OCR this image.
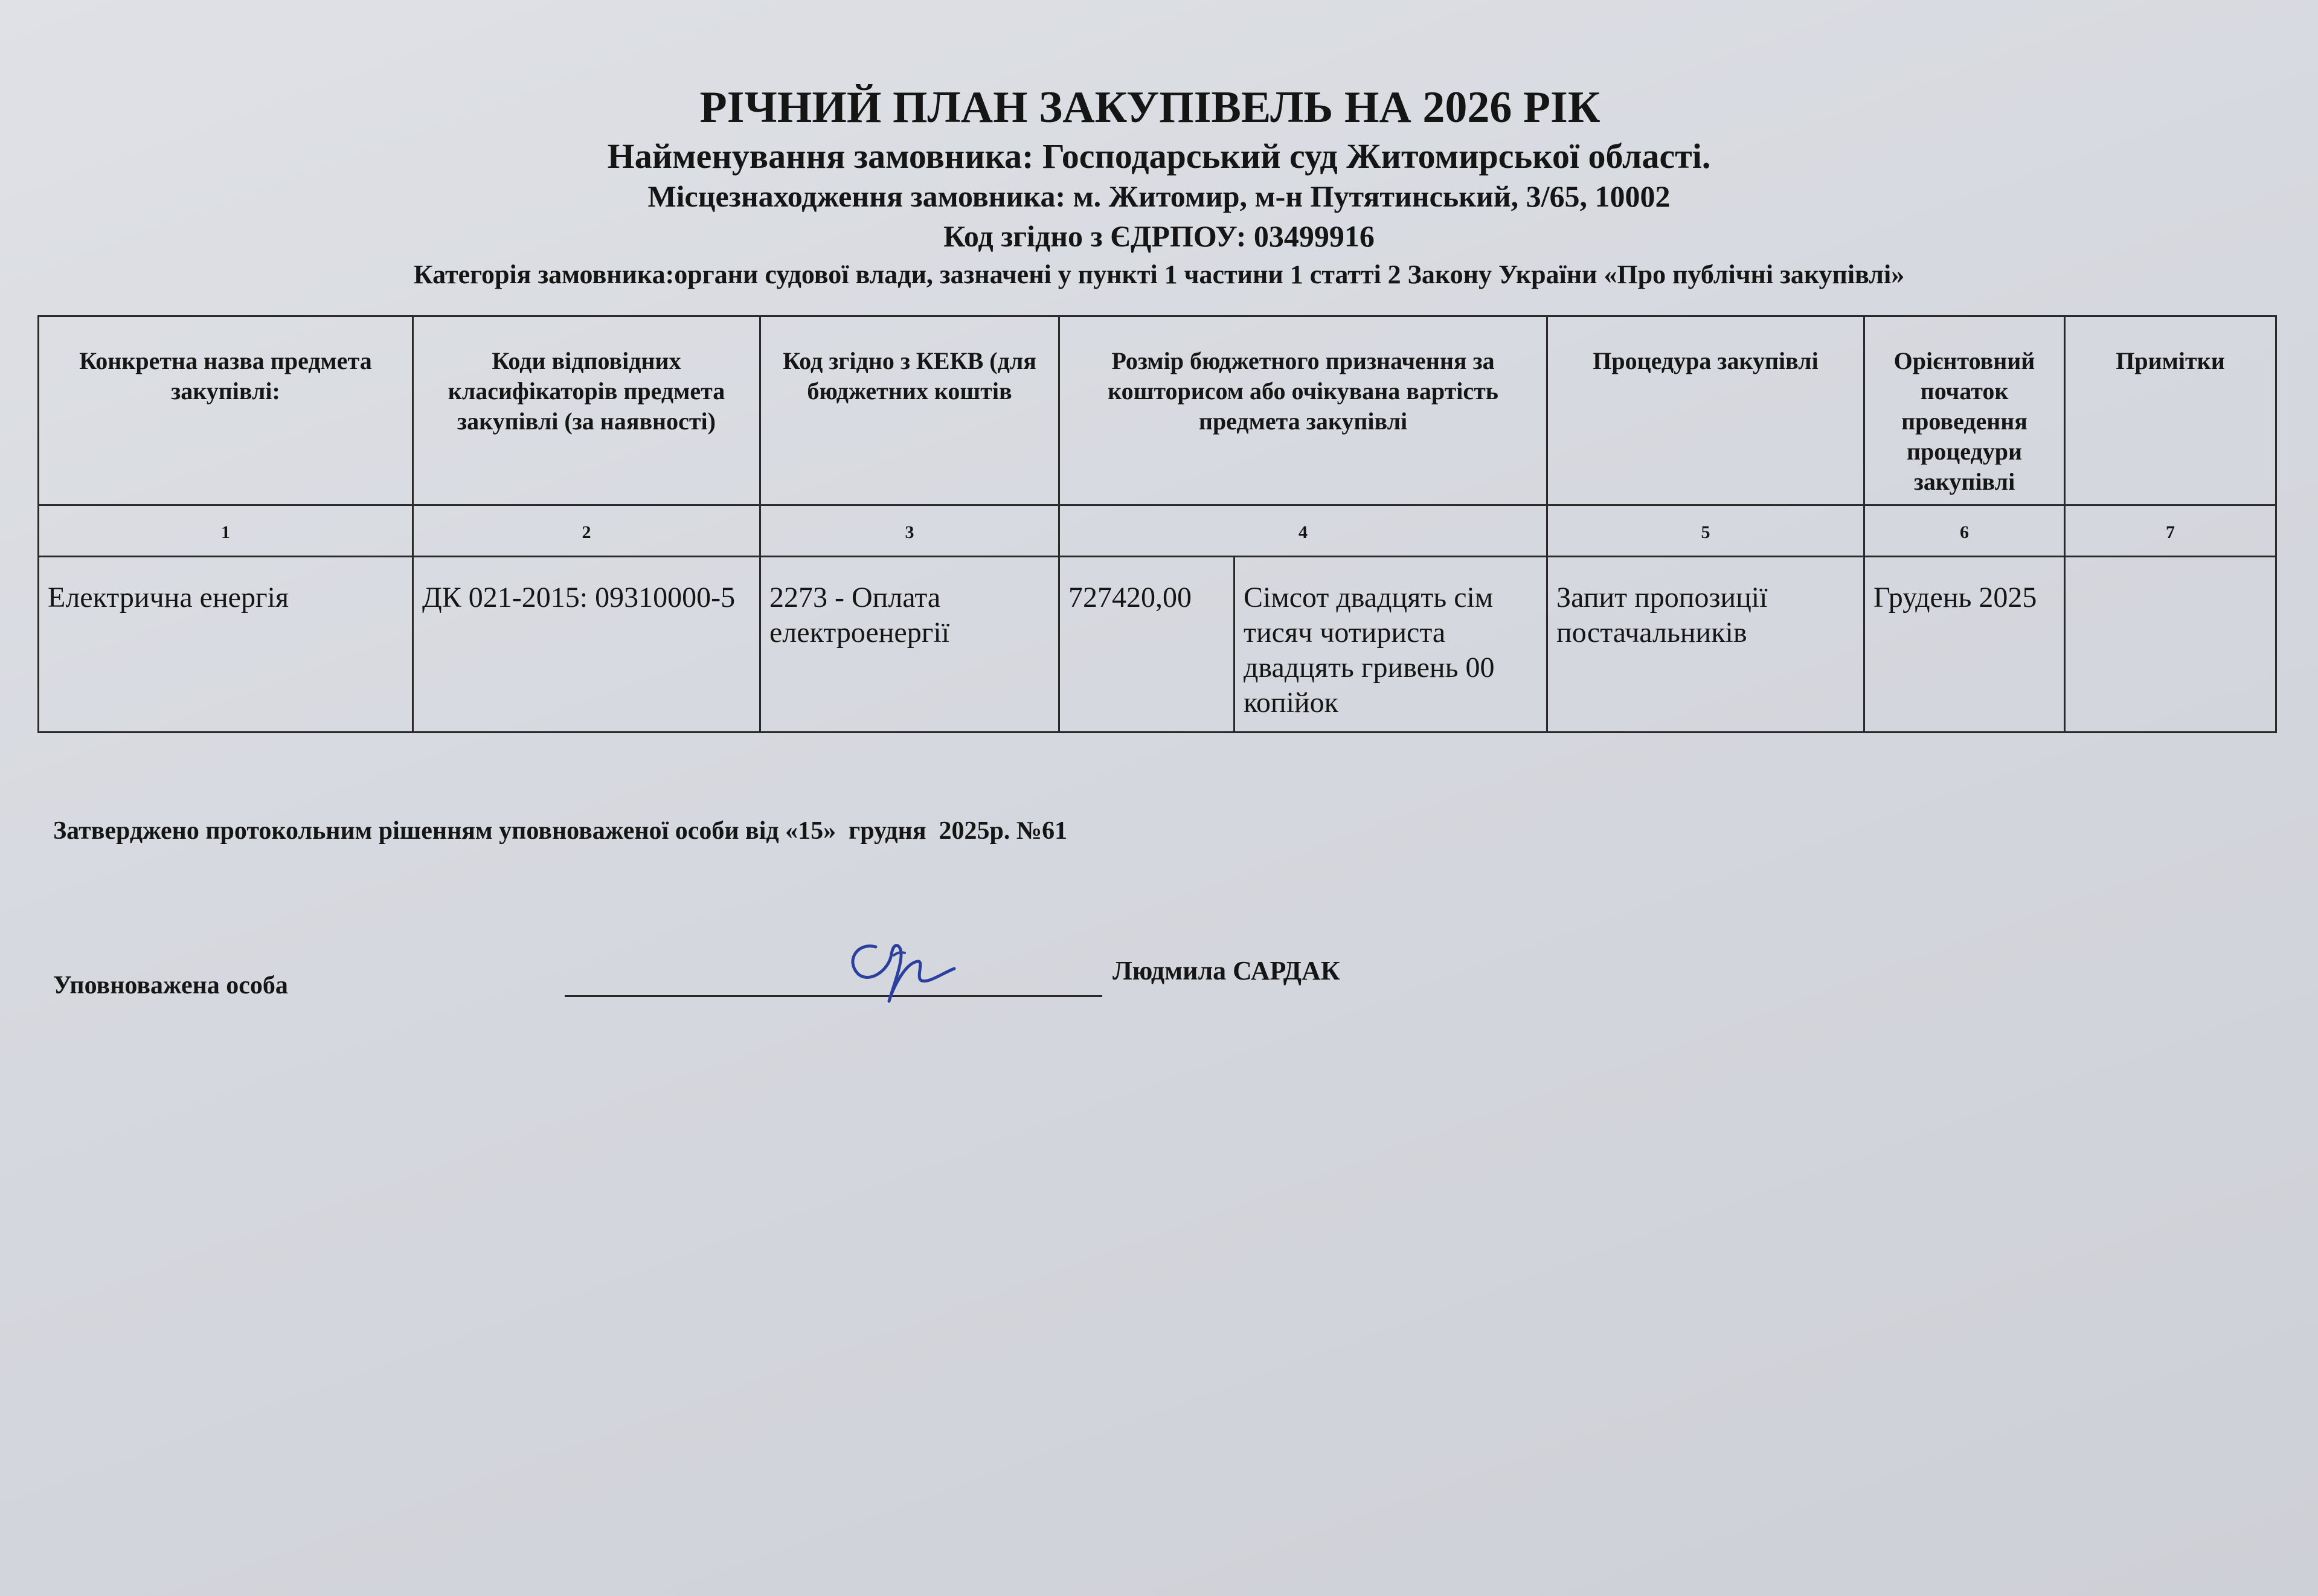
РІЧНИЙ ПЛАН ЗАКУПІВЕЛЬ НА 2026 РІК
Найменування замовника: Господарський суд Житомирської області.
Місцезнаходження замовника: м. Житомир, м-н Путятинський, 3/65, 10002
Код згідно з ЄДРПОУ: 03499916
Категорія замовника:органи судової влади, зазначені у пункті 1 частини 1 статті 2 Закону України «Про публічні закупівлі»
Конкретна назва предмета закупівлі:	Коди відповідних класифікаторів предмета закупівлі (за наявності)	Код згідно з КЕКВ (для бюджетних коштів	Розмір бюджетного призначення за кошторисом або очікувана вартість предмета закупівлі		Процедура закупівлі	Орієнтовний початок проведення процедури закупівлі	Примітки
1	2	3	4		5	6	7
Електрична енергія	ДК 021-2015: 09310000-5	2273 - Оплата електроенергії	727420,00	Сімсот двадцять сім тисяч чотириста двадцять гривень 00 копійок	Запит пропозиції постачальників	Грудень 2025	
Затверджено протокольним рішенням уповноваженої особи від «15»  грудня  2025р. №61
Уповноважена особа	Людмила САРДАК
